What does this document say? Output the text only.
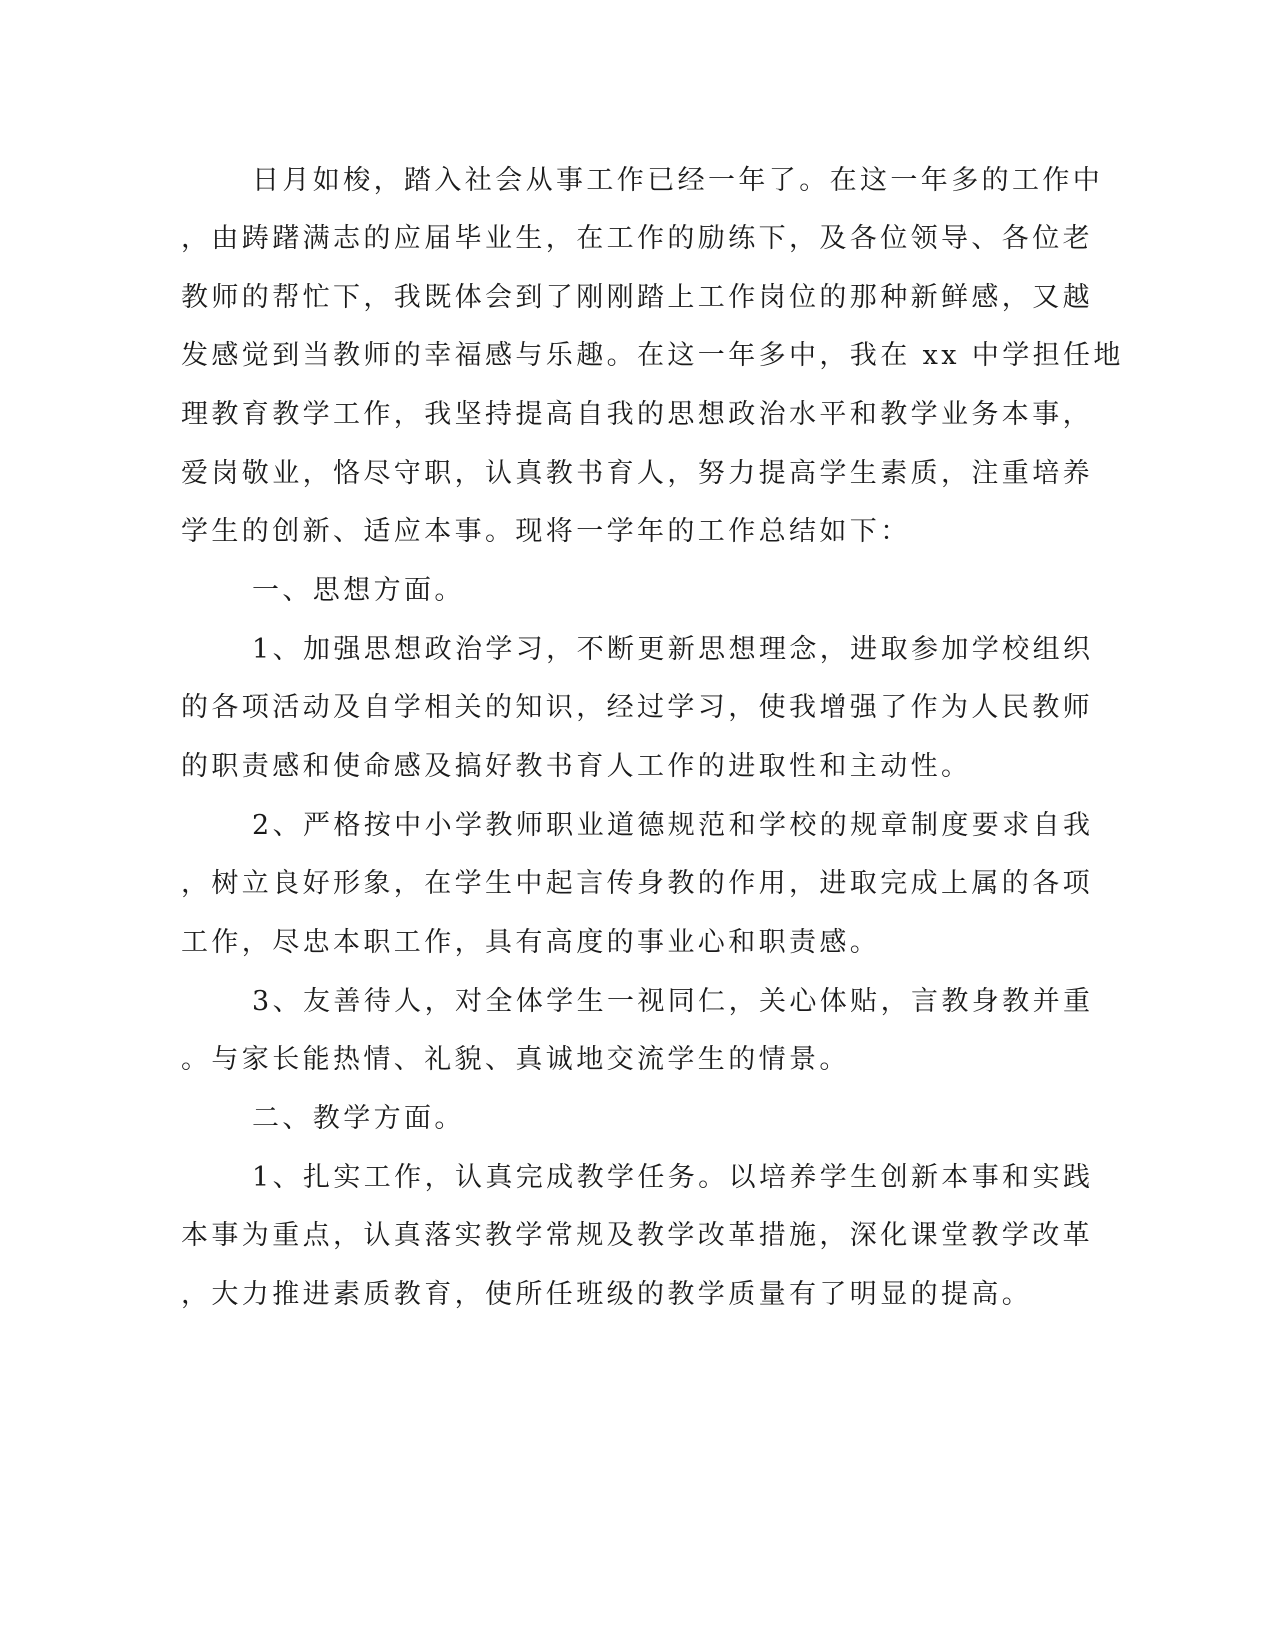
日月如梭，踏入社会从事工作已经一年了。在这一年多的工作中

，由踌躇满志的应届毕业生，在工作的励练下，及各位领导、各位老

教师的帮忙下，我既体会到了刚刚踏上工作岗位的那种新鲜感，又越

发感觉到当教师的幸福感与乐趣。在这一年多中，我在 xx 中学担任地

理教育教学工作，我坚持提高自我的思想政治水平和教学业务本事，

爱岗敬业，恪尽守职，认真教书育人，努力提高学生素质，注重培养

学生的创新、适应本事。现将一学年的工作总结如下：

一、思想方面。

1、加强思想政治学习，不断更新思想理念，进取参加学校组织

的各项活动及自学相关的知识，经过学习，使我增强了作为人民教师

的职责感和使命感及搞好教书育人工作的进取性和主动性。

2、严格按中小学教师职业道德规范和学校的规章制度要求自我

，树立良好形象，在学生中起言传身教的作用，进取完成上属的各项

工作，尽忠本职工作，具有高度的事业心和职责感。

3、友善待人，对全体学生一视同仁，关心体贴，言教身教并重

。与家长能热情、礼貌、真诚地交流学生的情景。

二、教学方面。

1、扎实工作，认真完成教学任务。以培养学生创新本事和实践

本事为重点，认真落实教学常规及教学改革措施，深化课堂教学改革

，大力推进素质教育，使所任班级的教学质量有了明显的提高。
